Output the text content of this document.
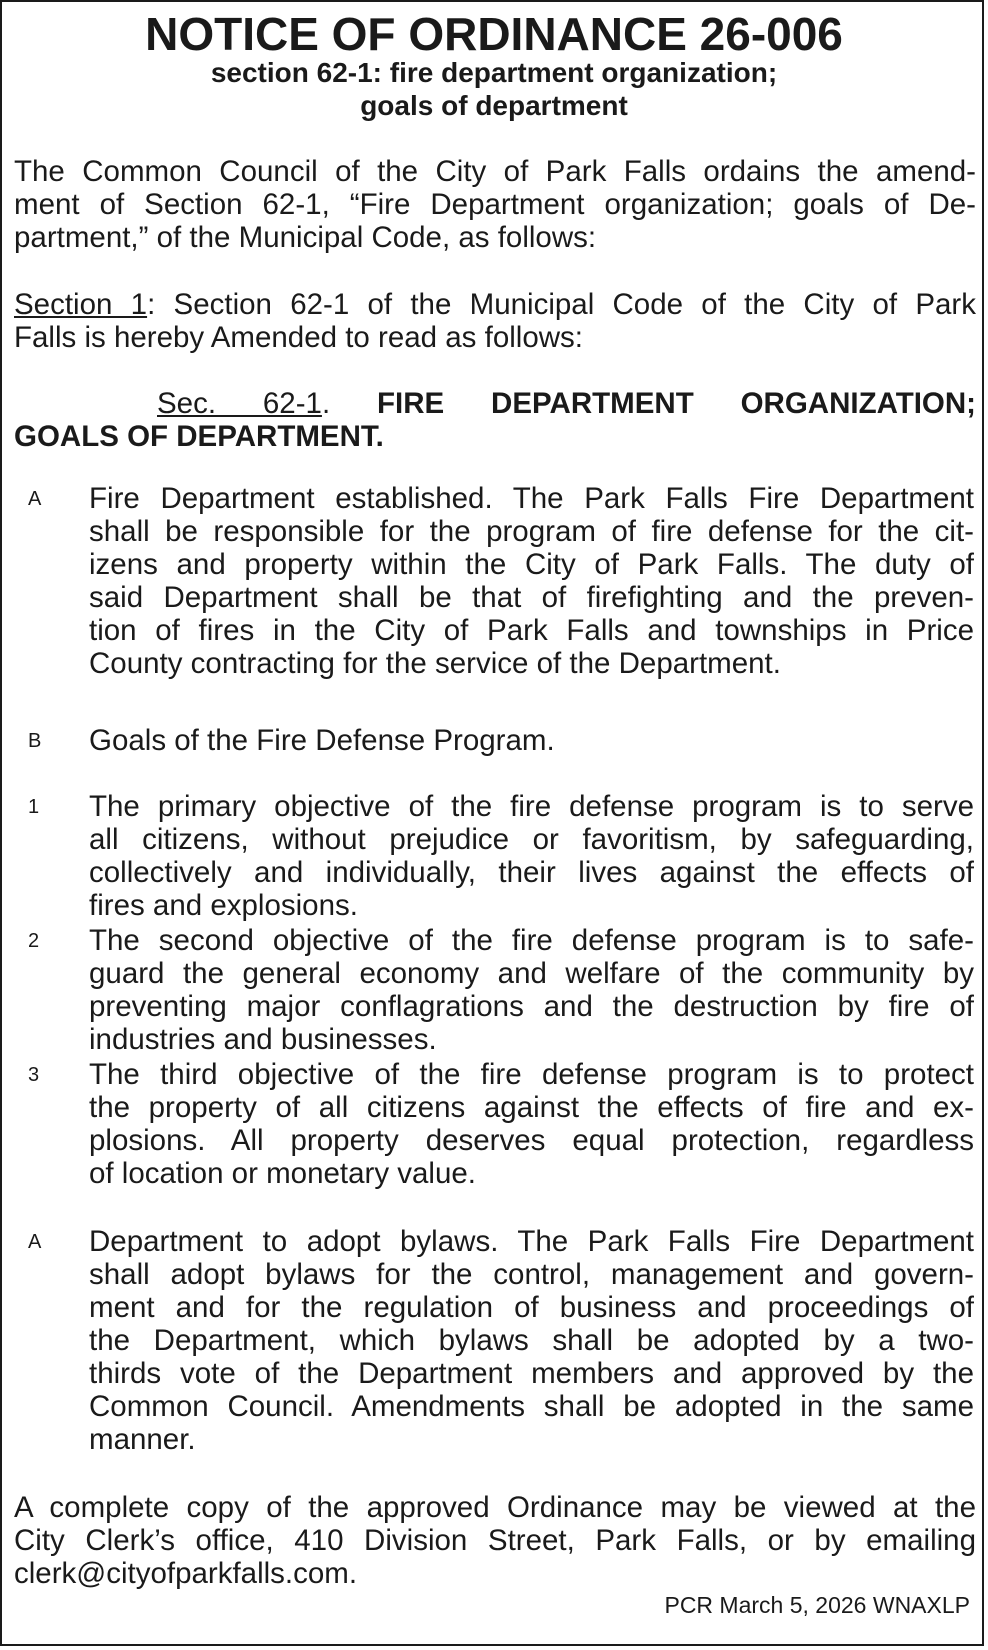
NOTICE OF ORDINANCE 26-006
section 62-1: fire department organization;
goals of department
The Common Council of the City of Park Falls ordains the amend-
ment of Section 62-1, “Fire Department organization; goals of De-
partment,” of the Municipal Code, as follows:
Section 1: Section 62-1 of the Municipal Code of the City of Park
Falls is hereby Amended to read as follows:
Sec. 62-1. FIRE DEPARTMENT ORGANIZATION;
GOALS OF DEPARTMENT.
A	Fire Department established. The Park Falls Fire Department
shall be responsible for the program of fire defense for the cit-
izens and property within the City of Park Falls. The duty of
said Department shall be that of firefighting and the preven-
tion of fires in the City of Park Falls and townships in Price
County contracting for the service of the Department.
B	Goals of the Fire Defense Program.
1	The primary objective of the fire defense program is to serve
all citizens, without prejudice or favoritism, by safeguarding,
collectively and individually, their lives against the effects of
fires and explosions.
2	The second objective of the fire defense program is to safe-
guard the general economy and welfare of the community by
preventing major conflagrations and the destruction by fire of
industries and businesses.
3	The third objective of the fire defense program is to protect
the property of all citizens against the effects of fire and ex-
plosions. All property deserves equal protection, regardless
of location or monetary value.
A	Department to adopt bylaws. The Park Falls Fire Department
shall adopt bylaws for the control, management and govern-
ment and for the regulation of business and proceedings of
the Department, which bylaws shall be adopted by a two-
thirds vote of the Department members and approved by the
Common Council. Amendments shall be adopted in the same
manner.
A complete copy of the approved Ordinance may be viewed at the
City Clerk’s office, 410 Division Street, Park Falls, or by emailing
clerk@cityofparkfalls.com.
PCR March 5, 2026 WNAXLP
